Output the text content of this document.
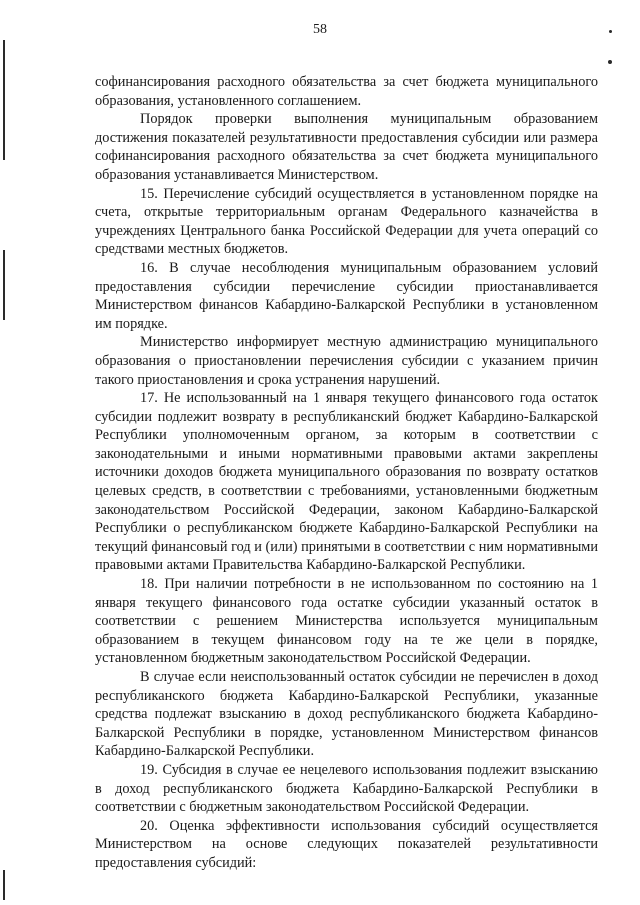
58

софинансирования расходного обязательства за счет бюджета муниципального образования, установленного соглашением.

Порядок проверки выполнения муниципальным образованием достижения показателей результативности предоставления субсидии или размера софинансирования расходного обязательства за счет бюджета муниципального образования устанавливается Министерством.

15. Перечисление субсидий осуществляется в установленном порядке на счета, открытые территориальным органам Федерального казначейства в учреждениях Центрального банка Российской Федерации для учета операций со средствами местных бюджетов.

16. В случае несоблюдения муниципальным образованием условий предоставления субсидии перечисление субсидии приостанавливается Министерством финансов Кабардино-Балкарской Республики в установленном им порядке.

Министерство информирует местную администрацию муниципального образования о приостановлении перечисления субсидии с указанием причин такого приостановления и срока устранения нарушений.

17. Не использованный на 1 января текущего финансового года остаток субсидии подлежит возврату в республиканский бюджет Кабардино-Балкарской Республики уполномоченным органом, за которым в соответствии с законодательными и иными нормативными правовыми актами закреплены источники доходов бюджета муниципального образования по возврату остатков целевых средств, в соответствии с требованиями, установленными бюджетным законодательством Российской Федерации, законом Кабардино-Балкарской Республики о республиканском бюджете Кабардино-Балкарской Республики на текущий финансовый год и (или) принятыми в соответствии с ним нормативными правовыми актами Правительства Кабардино-Балкарской Республики.

18. При наличии потребности в не использованном по состоянию на 1 января текущего финансового года остатке субсидии указанный остаток в соответствии с решением Министерства используется муниципальным образованием в текущем финансовом году на те же цели в порядке, установленном бюджетным законодательством Российской Федерации.

В случае если неиспользованный остаток субсидии не перечислен в доход республиканского бюджета Кабардино-Балкарской Республики, указанные средства подлежат взысканию в доход республиканского бюджета Кабардино-Балкарской Республики в порядке, установленном Министерством финансов Кабардино-Балкарской Республики.

19. Субсидия в случае ее нецелевого использования подлежит взысканию в доход республиканского бюджета Кабардино-Балкарской Республики в соответствии с бюджетным законодательством Российской Федерации.

20. Оценка эффективности использования субсидий осуществляется Министерством на основе следующих показателей результативности предоставления субсидий:
